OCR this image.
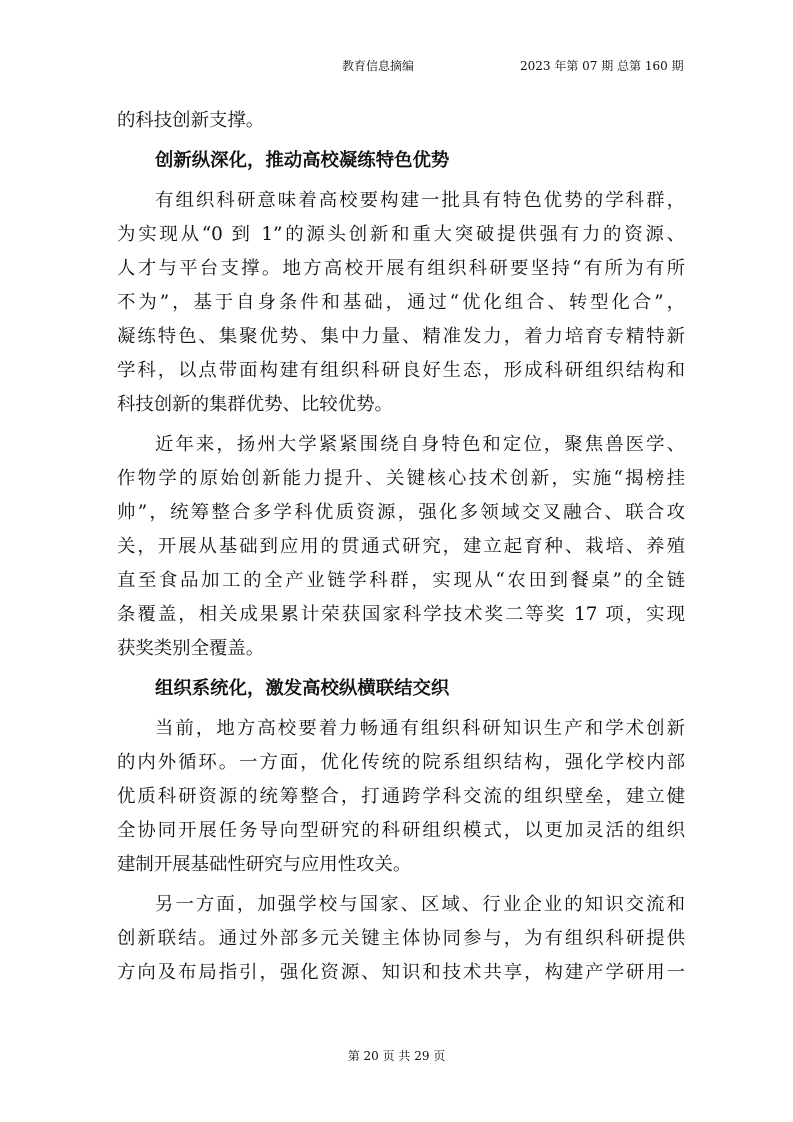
教育信息摘编	2023 年第 07 期 总第 160 期
的科技创新支撑。
创新纵深化，推动高校凝练特色优势
有组织科研意味着高校要构建一批具有特色优势的学科群，
为实现从“0 到 1”的源头创新和重大突破提供强有力的资源、
人才与平台支撑。地方高校开展有组织科研要坚持“有所为有所
不为”，基于自身条件和基础，通过“优化组合、转型化合”，
凝练特色、集聚优势、集中力量、精准发力，着力培育专精特新
学科，以点带面构建有组织科研良好生态，形成科研组织结构和
科技创新的集群优势、比较优势。
近年来，扬州大学紧紧围绕自身特色和定位，聚焦兽医学、
作物学的原始创新能力提升、关键核心技术创新，实施“揭榜挂
帅”，统筹整合多学科优质资源，强化多领域交叉融合、联合攻
关，开展从基础到应用的贯通式研究，建立起育种、栽培、养殖
直至食品加工的全产业链学科群，实现从“农田到餐桌”的全链
条覆盖，相关成果累计荣获国家科学技术奖二等奖 17 项，实现
获奖类别全覆盖。
组织系统化，激发高校纵横联结交织
当前，地方高校要着力畅通有组织科研知识生产和学术创新
的内外循环。一方面，优化传统的院系组织结构，强化学校内部
优质科研资源的统筹整合，打通跨学科交流的组织壁垒，建立健
全协同开展任务导向型研究的科研组织模式，以更加灵活的组织
建制开展基础性研究与应用性攻关。
另一方面，加强学校与国家、区域、行业企业的知识交流和
创新联结。通过外部多元关键主体协同参与，为有组织科研提供
方向及布局指引，强化资源、知识和技术共享，构建产学研用一
第 20 页 共 29 页
